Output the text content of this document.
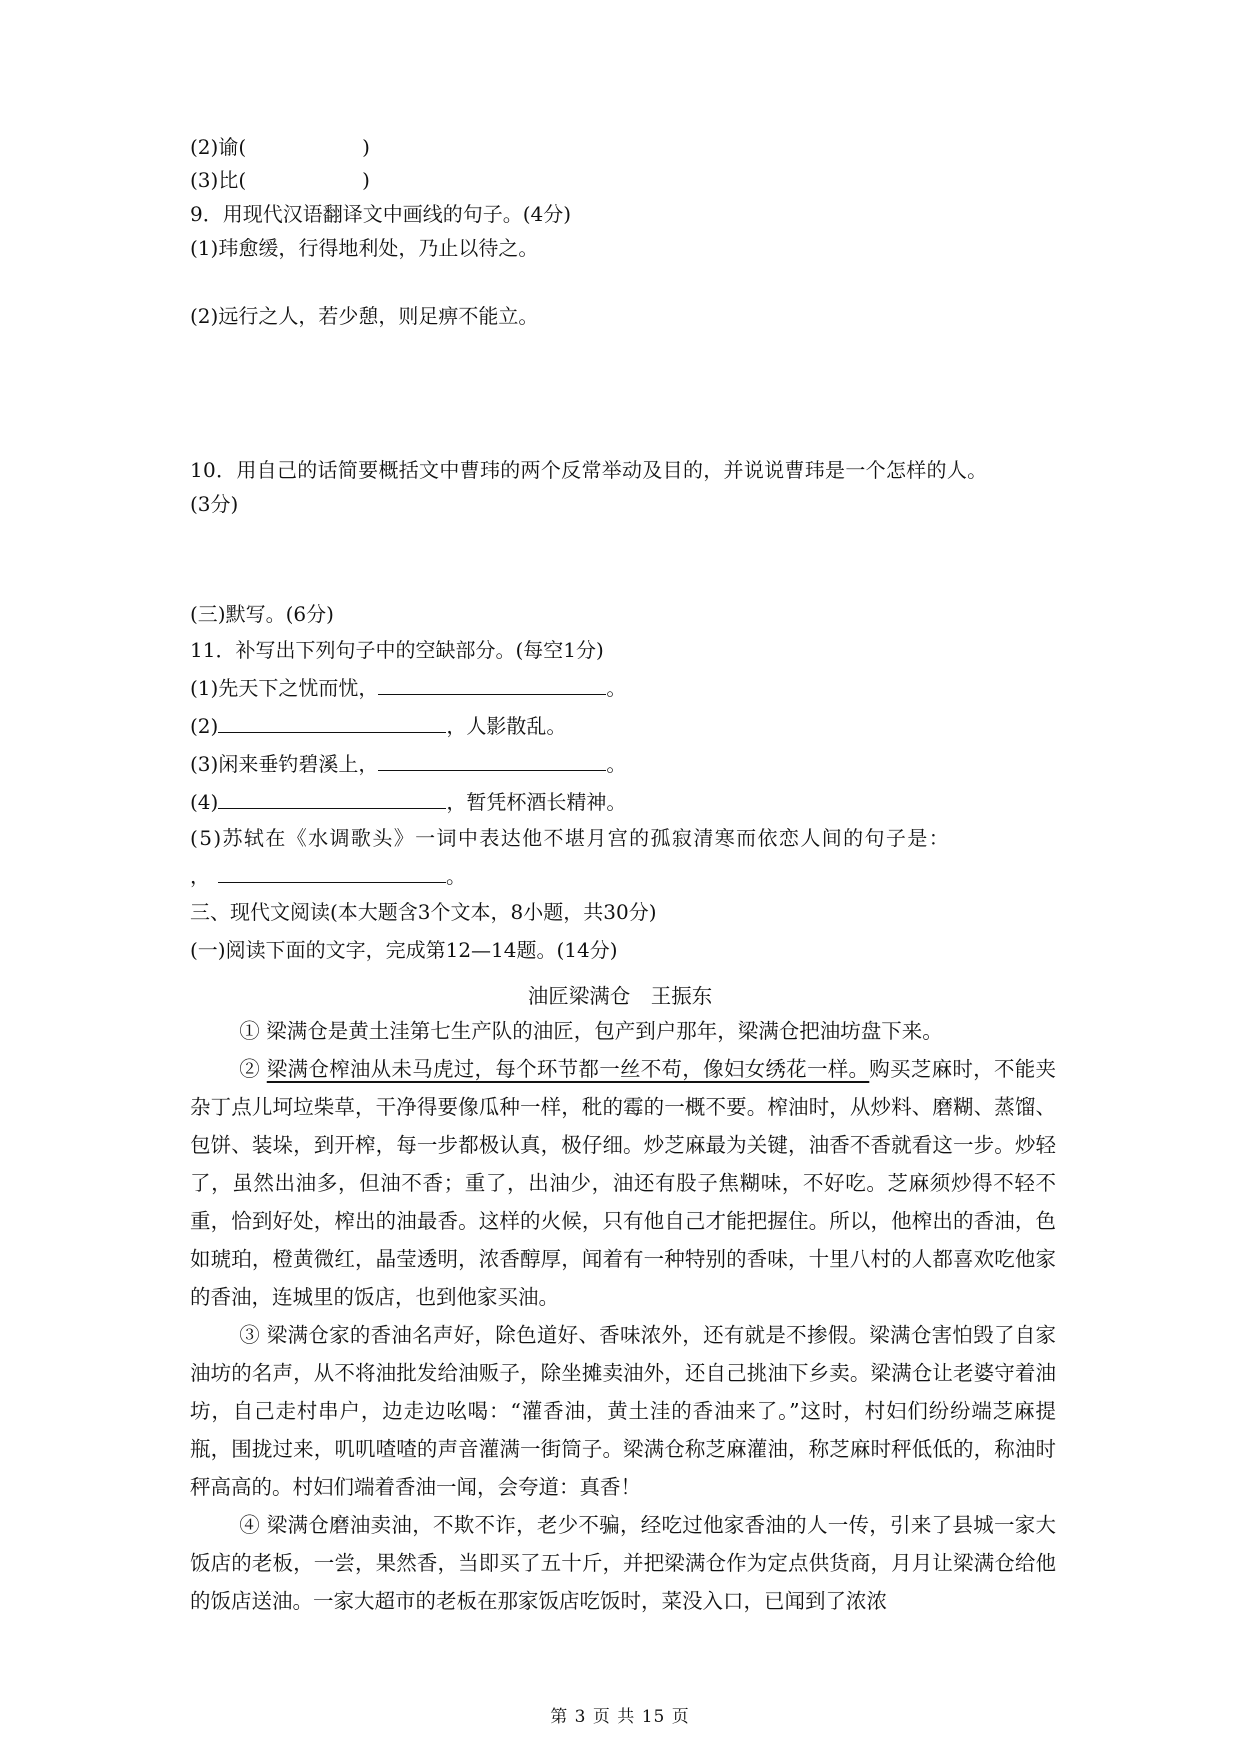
(2)谕(	)
(3)比(	)
9．用现代汉语翻译文中画线的句子。(4分)
(1)玮愈缓，行得地利处，乃止以待之。
(2)远行之人，若少憩，则足痹不能立。
10．用自己的话简要概括文中曹玮的两个反常举动及目的，并说说曹玮是一个怎样的人。
(3分)
(三)默写。(6分)
11．补写出下列句子中的空缺部分。(每空1分)
(1)先天下之忧而忧，	。
(2)	，人影散乱。
(3)闲来垂钓碧溪上，	。
(4)	，暂凭杯酒长精神。
(5)苏轼在《水调歌头》一词中表达他不堪月宫的孤寂清寒而依恋人间的句子是：
，	。
三、现代文阅读(本大题含3个文本，8小题，共30分)
(一)阅读下面的文字，完成第12—14题。(14分)
油匠梁满仓　王振东

① 梁满仓是黄土洼第七生产队的油匠，包产到户那年，梁满仓把油坊盘下来。

② 梁满仓榨油从未马虎过，每个环节都一丝不苟，像妇女绣花一样。购买芝麻时，不能夹杂丁点儿坷垃柴草，干净得要像瓜种一样，秕的霉的一概不要。榨油时，从炒料、磨糊、蒸馏、包饼、装垛，到开榨，每一步都极认真，极仔细。炒芝麻最为关键，油香不香就看这一步。炒轻了，虽然出油多，但油不香；重了，出油少，油还有股子焦糊味，不好吃。芝麻须炒得不轻不重，恰到好处，榨出的油最香。这样的火候，只有他自己才能把握住。所以，他榨出的香油，色如琥珀，橙黄微红，晶莹透明，浓香醇厚，闻着有一种特别的香味，十里八村的人都喜欢吃他家的香油，连城里的饭店，也到他家买油。

③ 梁满仓家的香油名声好，除色道好、香味浓外，还有就是不掺假。梁满仓害怕毁了自家油坊的名声，从不将油批发给油贩子，除坐摊卖油外，还自己挑油下乡卖。梁满仓让老婆守着油坊，自己走村串户，边走边吆喝：“灌香油，黄土洼的香油来了。”这时，村妇们纷纷端芝麻提瓶，围拢过来，叽叽喳喳的声音灌满一街筒子。梁满仓称芝麻灌油，称芝麻时秤低低的，称油时秤高高的。村妇们端着香油一闻，会夸道：真香！

④ 梁满仓磨油卖油，不欺不诈，老少不骗，经吃过他家香油的人一传，引来了县城一家大饭店的老板，一尝，果然香，当即买了五十斤，并把梁满仓作为定点供货商，月月让梁满仓给他的饭店送油。一家大超市的老板在那家饭店吃饭时，菜没入口，已闻到了浓浓

第 3 页 共 15 页
